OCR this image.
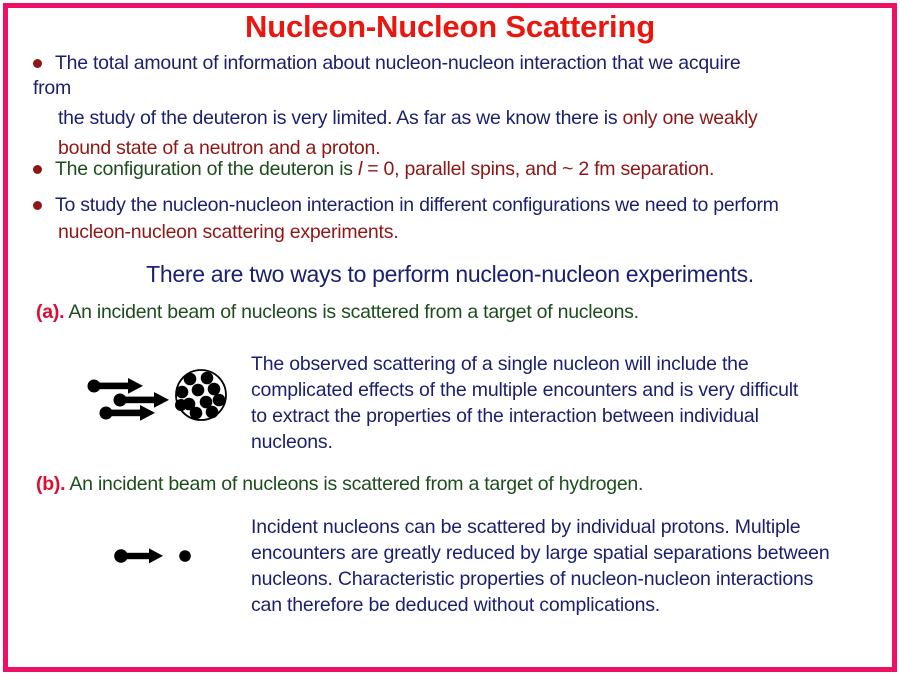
Nucleon-Nucleon Scattering
The total amount of information about nucleon-nucleon interaction that we acquire
from
the study of the deuteron is very limited. As far as we know there is only one weakly
bound state of a neutron and a proton.
The configuration of the deuteron is l = 0, parallel spins, and ~ 2 fm separation.
To study the nucleon-nucleon interaction in different configurations we need to perform
nucleon-nucleon scattering experiments.
There are two ways to perform nucleon-nucleon experiments.
(a). An incident beam of nucleons is scattered from a target of nucleons.
The observed scattering of a single nucleon will include the
complicated effects of the multiple encounters and is very difficult
to extract the properties of the interaction between individual
nucleons.
(b). An incident beam of nucleons is scattered from a target of hydrogen.
Incident nucleons can be scattered by individual protons. Multiple
encounters are greatly reduced by large spatial separations between
nucleons. Characteristic properties of nucleon-nucleon interactions
can therefore be deduced without complications.
